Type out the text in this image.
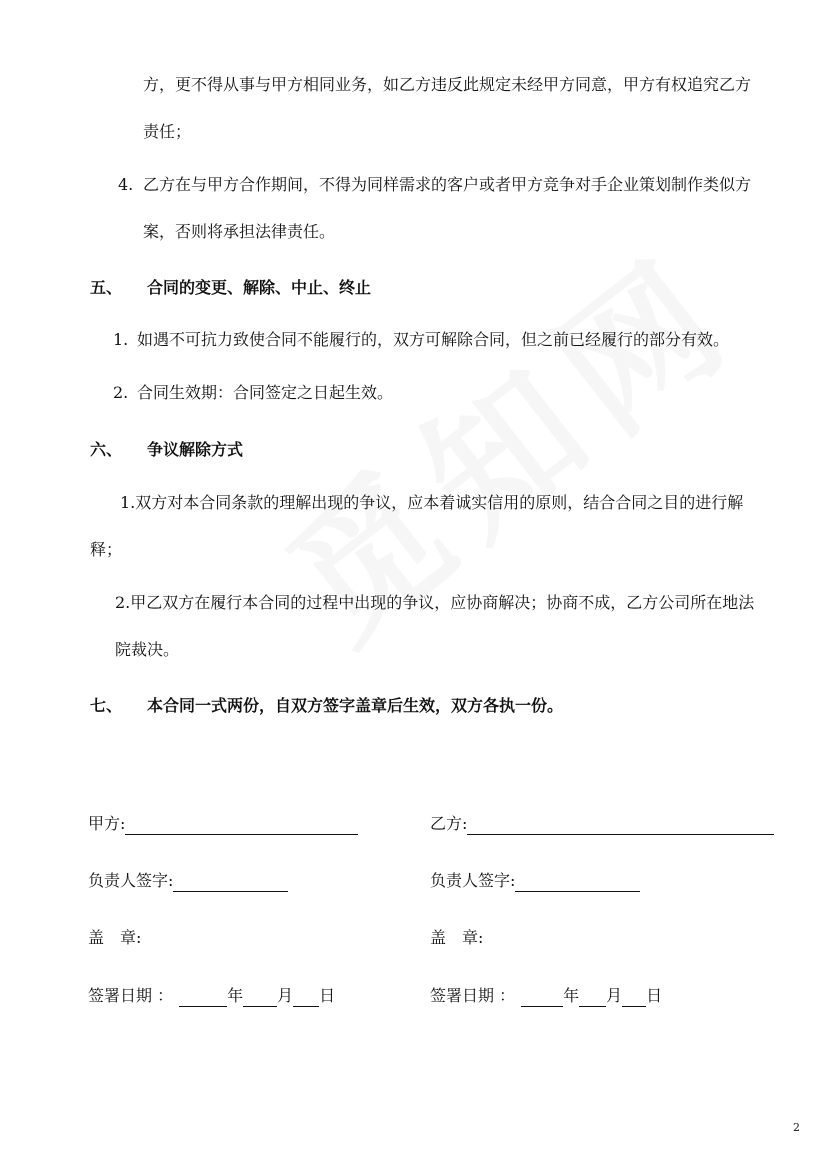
方，更不得从事与甲方相同业务，如乙方违反此规定未经甲方同意，甲方有权追究乙方
责任；
4. 乙方在与甲方合作期间，不得为同样需求的客户或者甲方竞争对手企业策划制作类似方
案，否则将承担法律责任。
五、 合同的变更、解除、中止、终止
1. 如遇不可抗力致使合同不能履行的，双方可解除合同，但之前已经履行的部分有效。
2. 合同生效期：合同签定之日起生效。
六、 争议解除方式
1.双方对本合同条款的理解出现的争议，应本着诚实信用的原则，结合合同之目的进行解
释；
2.甲乙双方在履行本合同的过程中出现的争议，应协商解决；协商不成，乙方公司所在地法
院裁决。
七、 本合同一式两份，自双方签字盖章后生效，双方各执一份。
甲方:	乙方:
负责人签字:	负责人签字:
盖　章:	盖　章:
签署日期 ：	年 月 日	签署日期 ：	年 月 日
2
